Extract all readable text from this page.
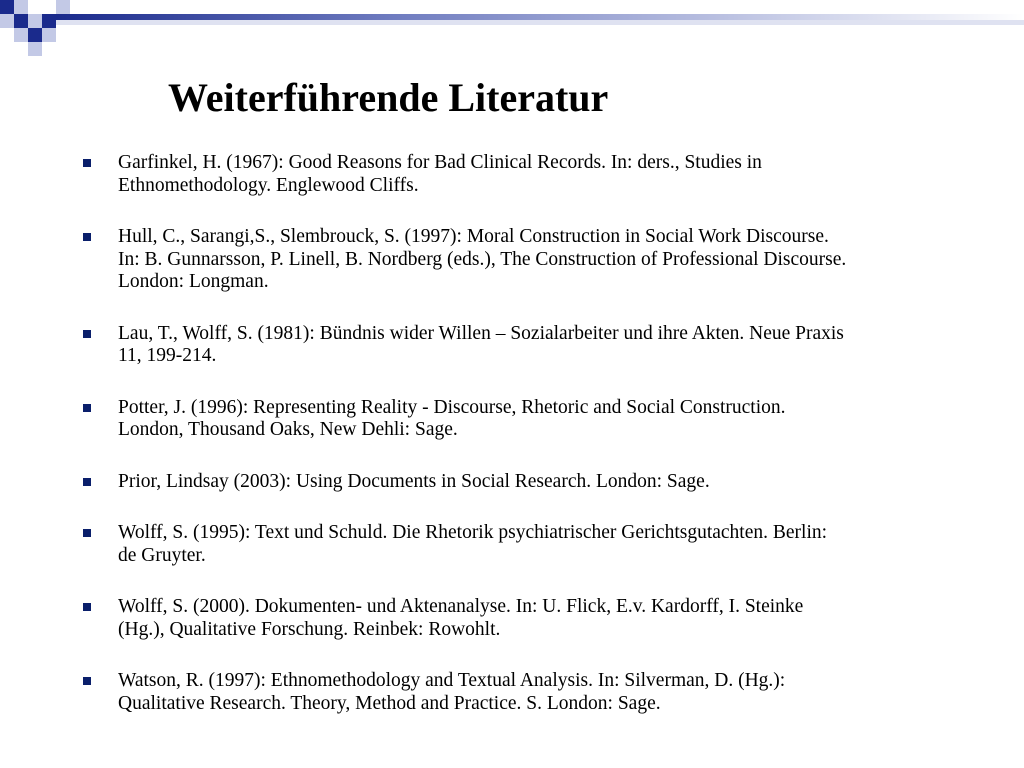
Weiterführende Literatur
Garfinkel, H. (1967): Good Reasons for Bad Clinical Records. In: ders., Studies in
Ethnomethodology. Englewood Cliffs.
Hull, C., Sarangi,S., Slembrouck, S. (1997): Moral Construction in Social Work Discourse.
In: B. Gunnarsson, P. Linell, B. Nordberg (eds.), The Construction of Professional Discourse.
London: Longman.
Lau, T., Wolff, S. (1981): Bündnis wider Willen – Sozialarbeiter und ihre Akten. Neue Praxis
11, 199-214.
Potter, J. (1996): Representing Reality - Discourse, Rhetoric and Social Construction.
London, Thousand Oaks, New Dehli: Sage.
Prior, Lindsay (2003): Using Documents in Social Research. London: Sage.
Wolff, S. (1995): Text und Schuld. Die Rhetorik psychiatrischer Gerichtsgutachten. Berlin:
de Gruyter.
Wolff, S. (2000). Dokumenten- und Aktenanalyse. In: U. Flick, E.v. Kardorff, I. Steinke
(Hg.), Qualitative Forschung. Reinbek: Rowohlt.
Watson, R. (1997): Ethnomethodology and Textual Analysis. In: Silverman, D. (Hg.):
Qualitative Research. Theory, Method and Practice. S. London: Sage.
